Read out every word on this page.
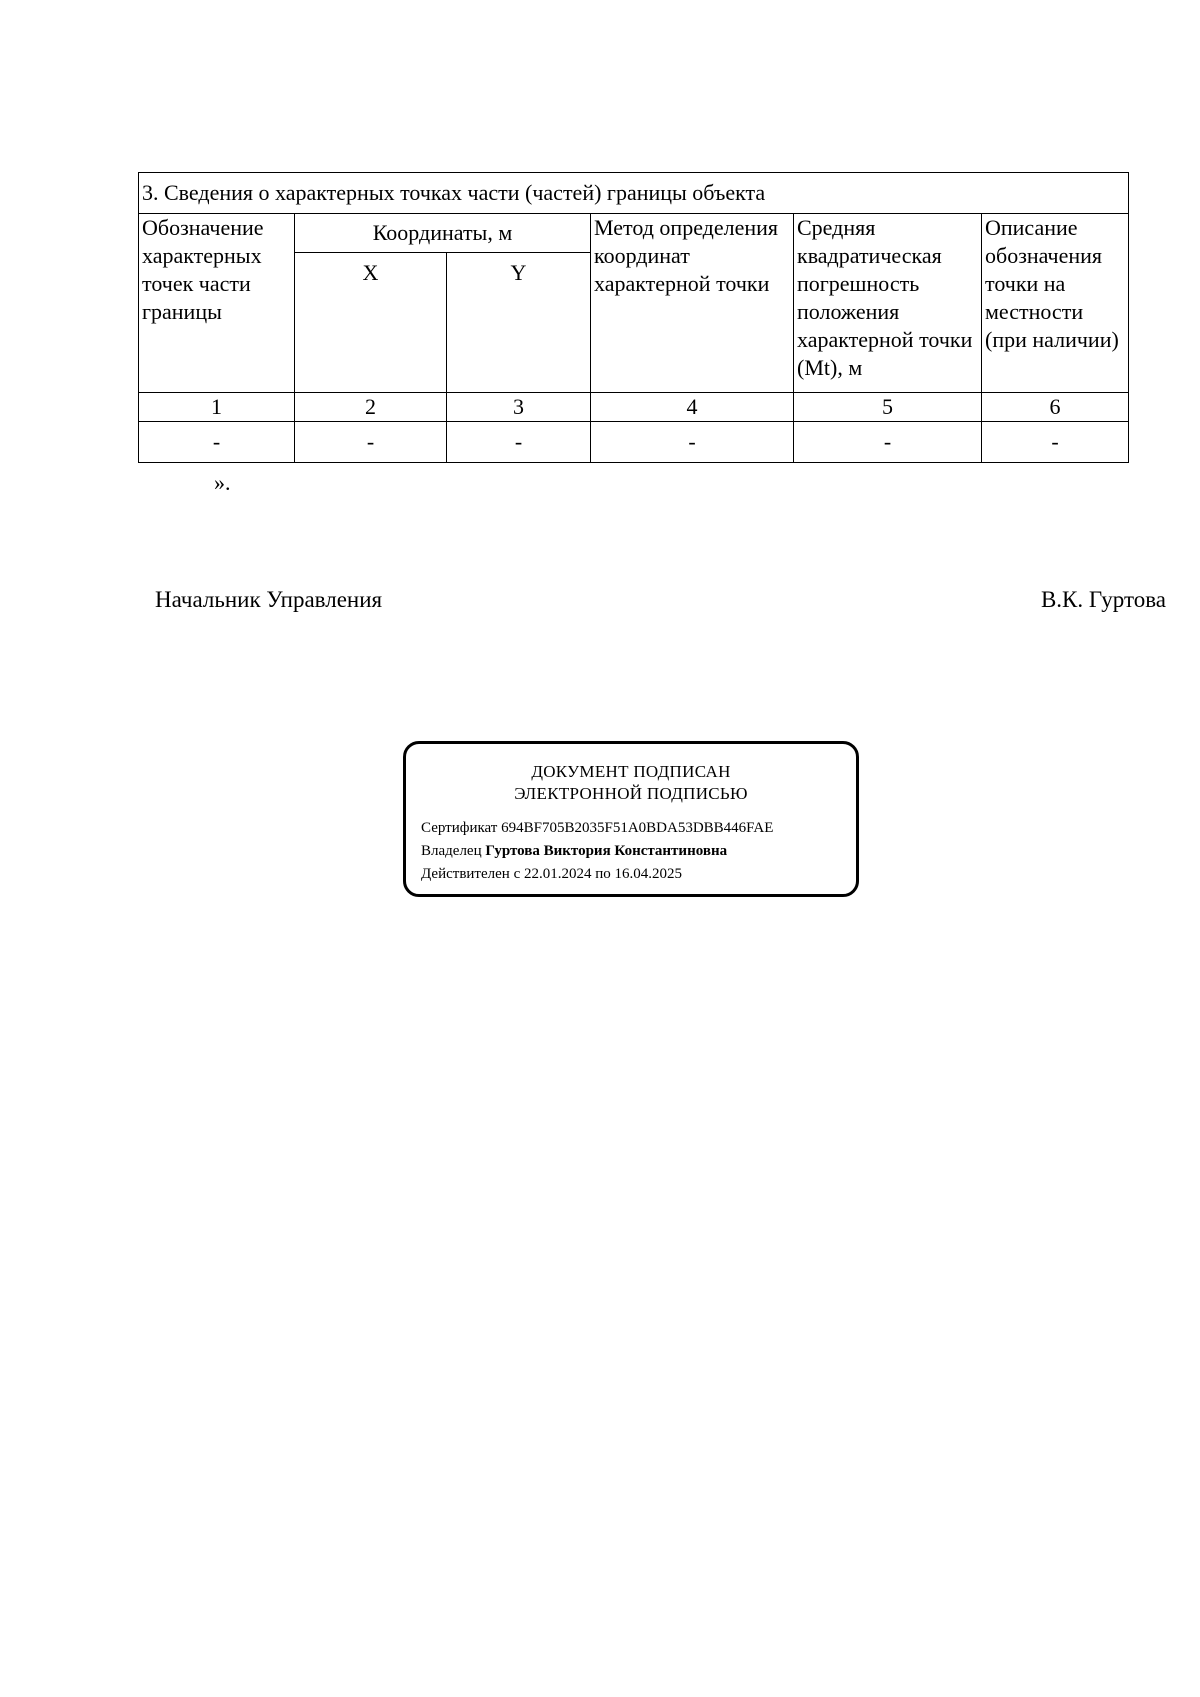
3. Сведения о характерных точках части (частей) границы объекта					
Обозначение характерных точек части границы	Координаты, м		Метод определения координат характерной точки	Средняя квадратическая погрешность положения характерной точки (Mt), м	Описание обозначения точки на местности (при наличии)
	X	Y			
1	2	3	4	5	6
-	-	-	-	-	-
».
Начальник Управления	В.К. Гуртова
ДОКУМЕНТ ПОДПИСАН
ЭЛЕКТРОННОЙ ПОДПИСЬЮ
Сертификат 694BF705B2035F51A0BDA53DBB446FAE
Владелец Гуртова Виктория Константиновна
Действителен с 22.01.2024 по 16.04.2025
